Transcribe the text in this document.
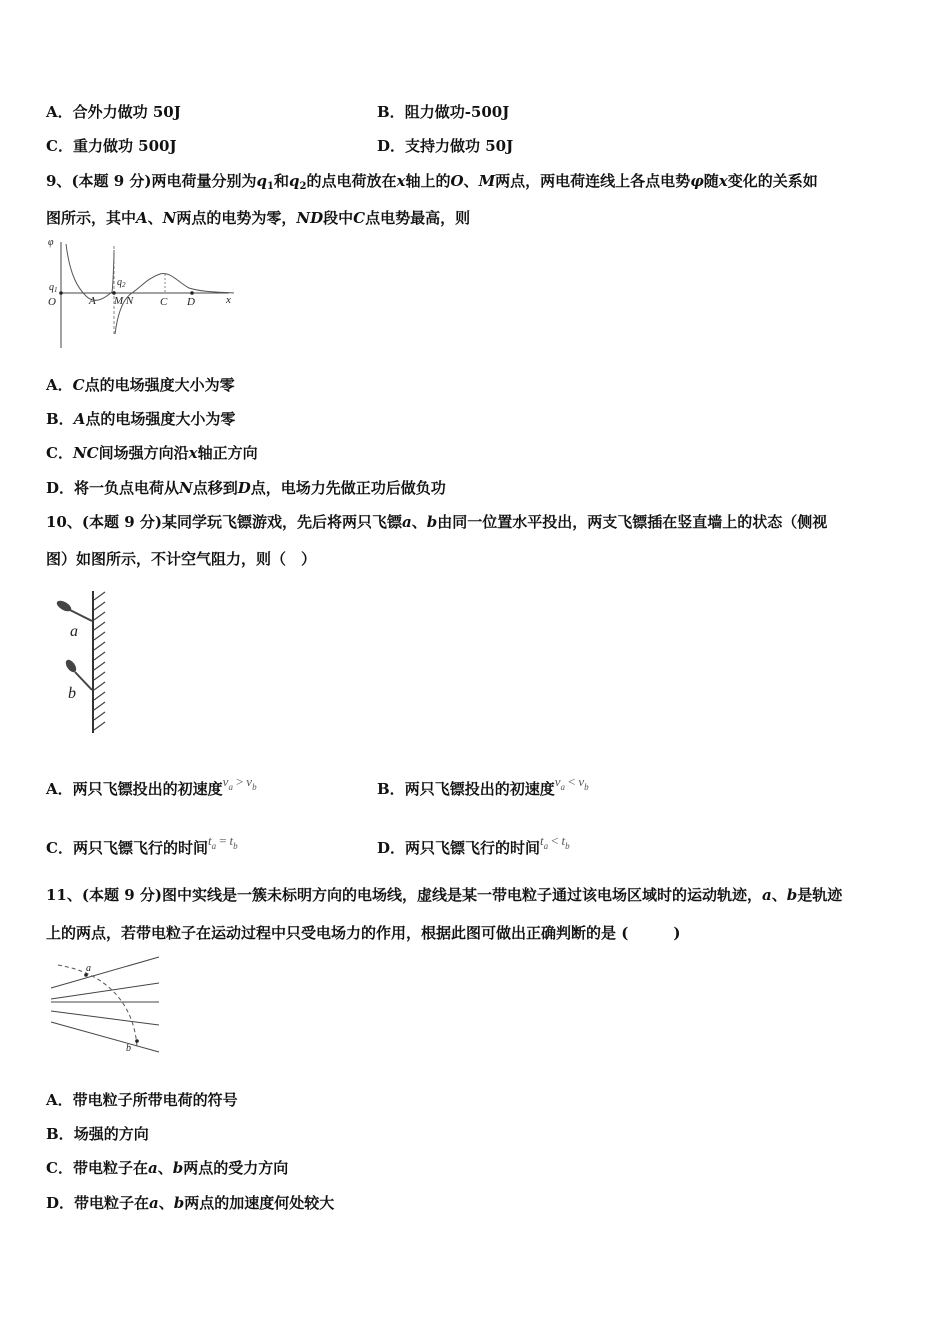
A．合外力做功 50J	B．阻力做功-500J
C．重力做功 500J	D．支持力做功 50J
9、(本题 9 分)两电荷量分别为$q_1$和$q_2$的点电荷放在x轴上的O、M两点，两电荷连线上各点电势φ随x变化的关系如
图所示，其中A、N两点的电势为零，ND段中C点电势最高，则
φ
$q_1$
$q_2$
O	A M N C D	x
A．C点的电场强度大小为零
B．A点的电场强度大小为零
C．NC间场强方向沿x轴正方向
D．将一负点电荷从N点移到D点，电场力先做正功后做负功
10、(本题 9 分)某同学玩飞镖游戏，先后将两只飞镖a、b由同一位置水平投出，两支飞镖插在竖直墙上的状态（侧视
图）如图所示，不计空气阻力，则（　）
a
b
A．两只飞镖投出的初速度$v_a > v_b$	B．两只飞镖投出的初速度$v_a < v_b$
C．两只飞镖飞行的时间$t_a = t_b$	D．两只飞镖飞行的时间$t_a < t_b$
11、(本题 9 分)图中实线是一簇未标明方向的电场线，虚线是某一带电粒子通过该电场区域时的运动轨迹，a、b是轨迹
上的两点，若带电粒子在运动过程中只受电场力的作用，根据此图可做出正确判断的是 (　　　)
a
b
A．带电粒子所带电荷的符号
B．场强的方向
C．带电粒子在a、b两点的受力方向
D．带电粒子在a、b两点的加速度何处较大
